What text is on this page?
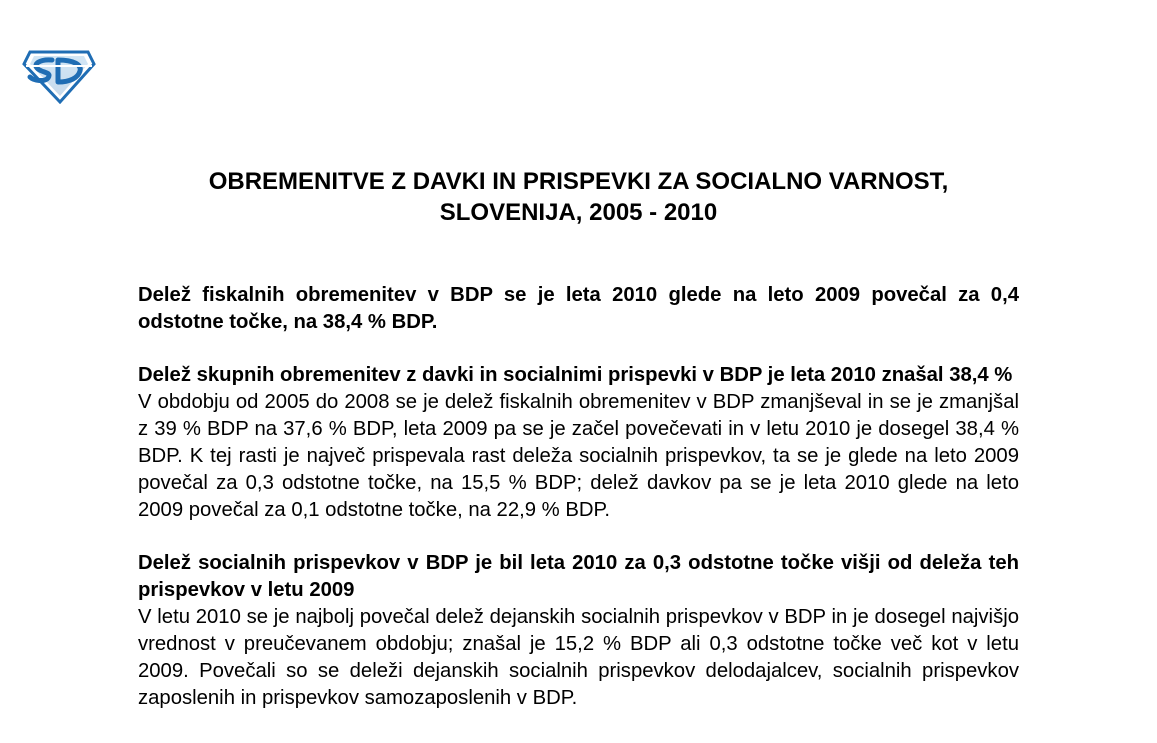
OBREMENITVE Z DAVKI IN PRISPEVKI ZA SOCIALNO VARNOST,
SLOVENIJA, 2005 - 2010

Delež fiskalnih obremenitev v BDP se je leta 2010 glede na leto 2009 povečal za 0,4 odstotne točke, na 38,4 % BDP.

Delež skupnih obremenitev z davki in socialnimi prispevki v BDP je leta 2010 znašal 38,4 %

V obdobju od 2005 do 2008 se je delež fiskalnih obremenitev v BDP zmanjševal in se je zmanjšal z 39 % BDP na 37,6 % BDP, leta 2009 pa se je začel povečevati in v letu 2010 je dosegel 38,4 % BDP. K tej rasti je največ prispevala rast deleža socialnih prispevkov, ta se je glede na leto 2009 povečal za 0,3 odstotne točke, na 15,5 % BDP; delež davkov pa se je leta 2010 glede na leto 2009 povečal za 0,1 odstotne točke, na 22,9 % BDP.

Delež socialnih prispevkov v BDP je bil leta 2010 za 0,3 odstotne točke višji od deleža teh prispevkov v letu 2009

V letu 2010 se je najbolj povečal delež dejanskih socialnih prispevkov v BDP in je dosegel najvišjo vrednost v preučevanem obdobju; znašal je 15,2 % BDP ali 0,3 odstotne točke več kot v letu 2009. Povečali so se deleži dejanskih socialnih prispevkov delodajalcev, socialnih prispevkov zaposlenih in prispevkov samozaposlenih v BDP.
